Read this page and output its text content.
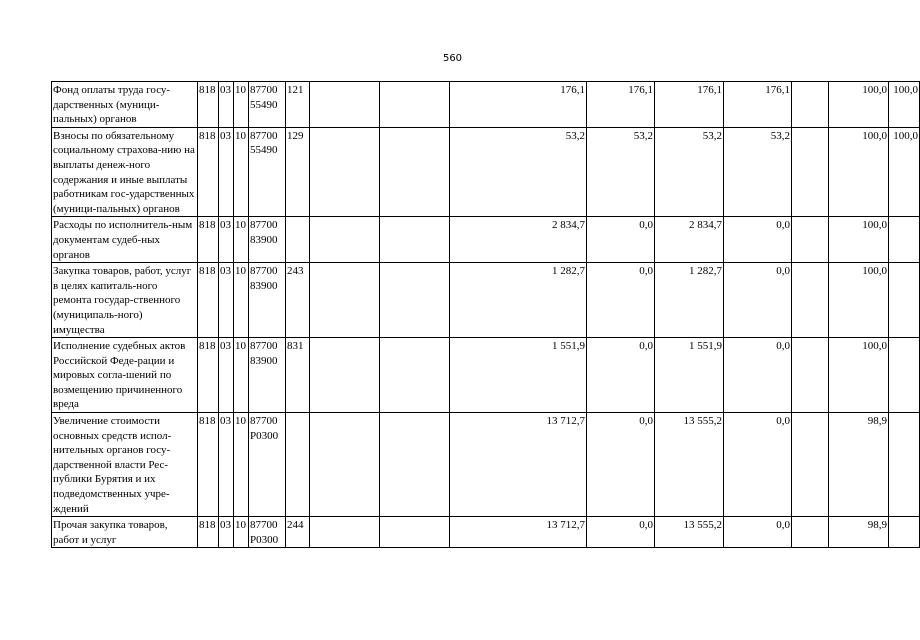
560
Фонд оплаты труда госу-дарственных (муници-пальных) органов	818	03	10	87700 55490	121			176,1	176,1	176,1	176,1		100,0	100,0
Взносы по обязательному социальному страхова-нию на выплаты денеж-ного содержания и иные выплаты работникам гос-ударственных (муници-пальных) органов	818	03	10	87700 55490	129			53,2	53,2	53,2	53,2		100,0	100,0
Расходы по исполнитель-ным документам судеб-ных органов	818	03	10	87700 83900				2 834,7	0,0	2 834,7	0,0		100,0	
Закупка товаров, работ, услуг в целях капиталь-ного ремонта государ-ственного (муниципаль-ного) имущества	818	03	10	87700 83900	243			1 282,7	0,0	1 282,7	0,0		100,0	
Исполнение судебных актов Российской Феде-рации и мировых согла-шений по возмещению причиненного вреда	818	03	10	87700 83900	831			1 551,9	0,0	1 551,9	0,0		100,0	
Увеличение стоимости основных средств испол-нительных органов госу-дарственной власти Рес-публики Бурятия и их подведомственных учре-ждений	818	03	10	87700 Р0300				13 712,7	0,0	13 555,2	0,0		98,9	
Прочая закупка товаров, работ и услуг	818	03	10	87700 Р0300	244			13 712,7	0,0	13 555,2	0,0		98,9	
